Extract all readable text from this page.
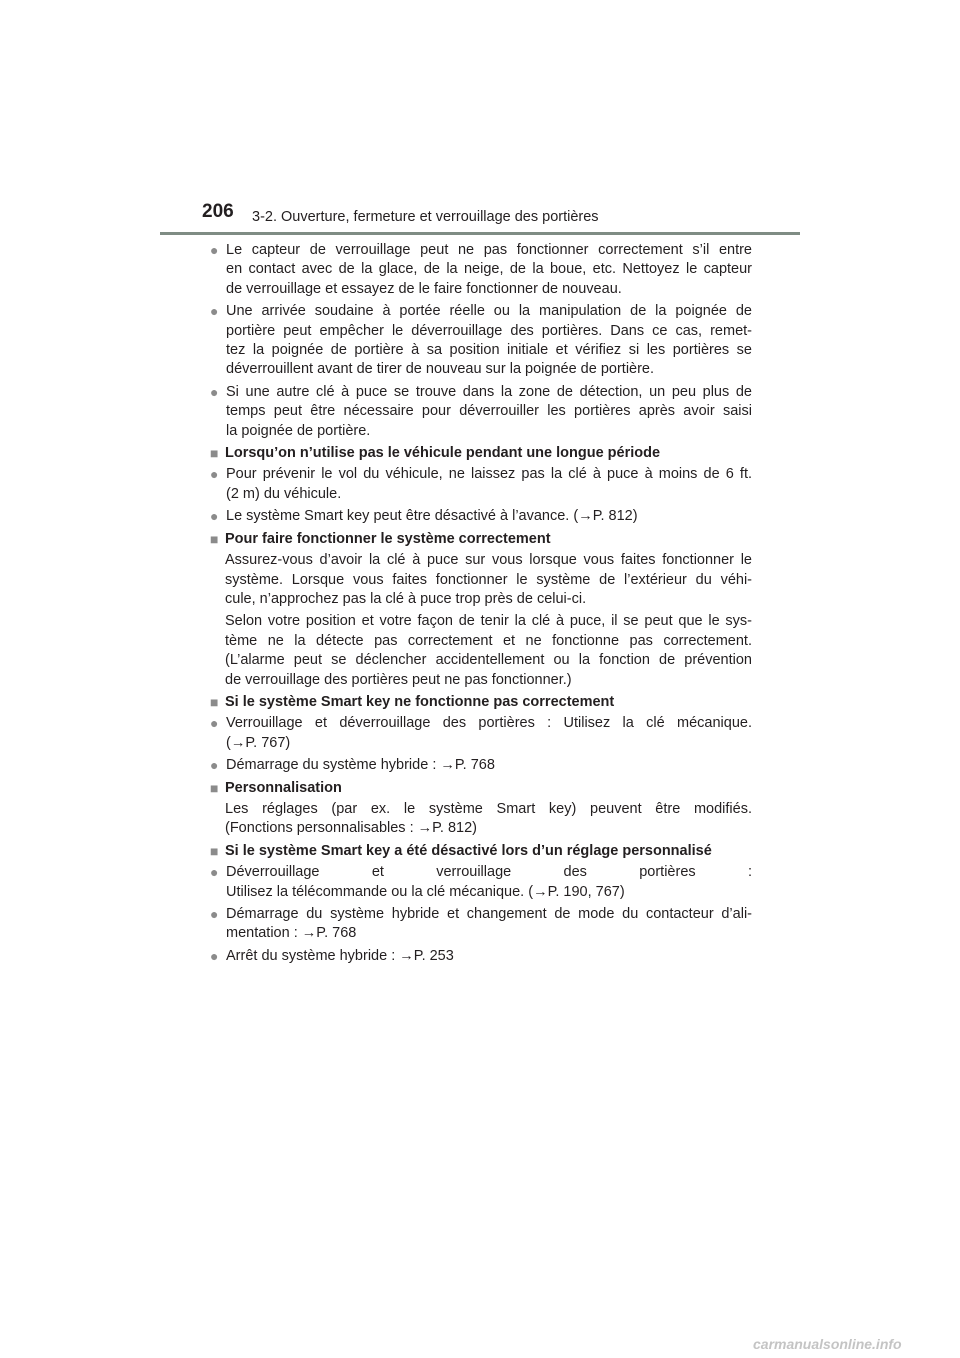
206 3-2. Ouverture, fermeture et verrouillage des portières
● Le capteur de verrouillage peut ne pas fonctionner correctement s’il entre
en contact avec de la glace, de la neige, de la boue, etc. Nettoyez le capteur
de verrouillage et essayez de le faire fonctionner de nouveau.
● Une arrivée soudaine à portée réelle ou la manipulation de la poignée de
portière peut empêcher le déverrouillage des portières. Dans ce cas, remet-
tez la poignée de portière à sa position initiale et vérifiez si les portières se
déverrouillent avant de tirer de nouveau sur la poignée de portière.
● Si une autre clé à puce se trouve dans la zone de détection, un peu plus de
temps peut être nécessaire pour déverrouiller les portières après avoir saisi
la poignée de portière.
■ Lorsqu’on n’utilise pas le véhicule pendant une longue période
● Pour prévenir le vol du véhicule, ne laissez pas la clé à puce à moins de 6 ft.
(2 m) du véhicule.
● Le système Smart key peut être désactivé à l’avance. (→P. 812)
■ Pour faire fonctionner le système correctement
Assurez-vous d’avoir la clé à puce sur vous lorsque vous faites fonctionner le
système. Lorsque vous faites fonctionner le système de l’extérieur du véhi-
cule, n’approchez pas la clé à puce trop près de celui-ci.
Selon votre position et votre façon de tenir la clé à puce, il se peut que le sys-
tème ne la détecte pas correctement et ne fonctionne pas correctement.
(L’alarme peut se déclencher accidentellement ou la fonction de prévention
de verrouillage des portières peut ne pas fonctionner.)
■ Si le système Smart key ne fonctionne pas correctement
● Verrouillage et déverrouillage des portières : Utilisez la clé mécanique.
(→P. 767)
● Démarrage du système hybride : →P. 768
■ Personnalisation
Les réglages (par ex. le système Smart key) peuvent être modifiés.
(Fonctions personnalisables : →P. 812)
■ Si le système Smart key a été désactivé lors d’un réglage personnalisé
● Déverrouillage et verrouillage des portières :
Utilisez la télécommande ou la clé mécanique. (→P. 190, 767)
● Démarrage du système hybride et changement de mode du contacteur d’ali-
mentation : →P. 768
● Arrêt du système hybride : →P. 253
carmanualsonline.info
